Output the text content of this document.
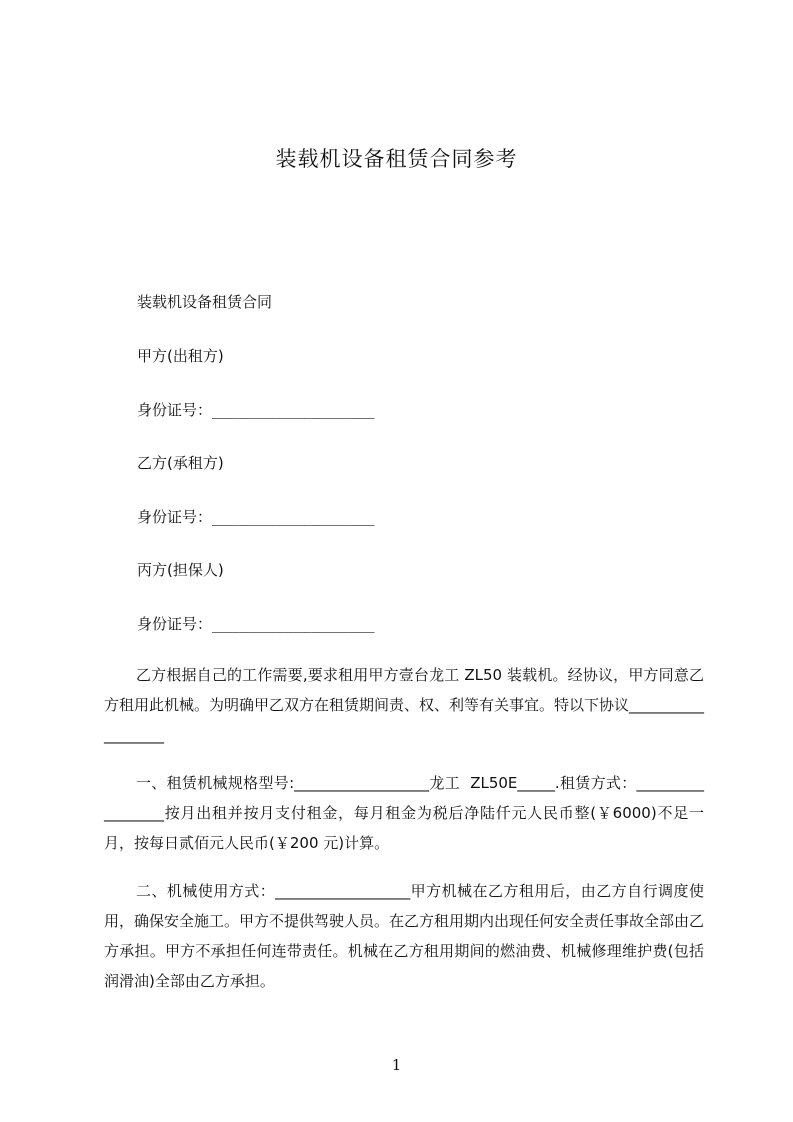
装载机设备租赁合同参考
装载机设备租赁合同
甲方(出租方)
身份证号：__________________
乙方(承租方)
身份证号：__________________
丙方(担保人)
身份证号：__________________
乙方根据自己的工作需要,要求租用甲方壹台龙工 ZL50 装载机。经协议，甲方同意乙方租用此机械。为明确甲乙双方在租赁期间责、权、利等有关事宜。特以下协议__________________
一、租赁机械规格型号:__________________龙工  ZL50E_____.租赁方式：_________________按月出租并按月支付租金，每月租金为税后净陆仟元人民币整(￥6000)不足一月，按每日贰佰元人民币(￥200 元)计算。
二、机械使用方式：__________________甲方机械在乙方租用后，由乙方自行调度使用，确保安全施工。甲方不提供驾驶人员。在乙方租用期内出现任何安全责任事故全部由乙方承担。甲方不承担任何连带责任。机械在乙方租用期间的燃油费、机械修理维护费(包括润滑油)全部由乙方承担。
1
